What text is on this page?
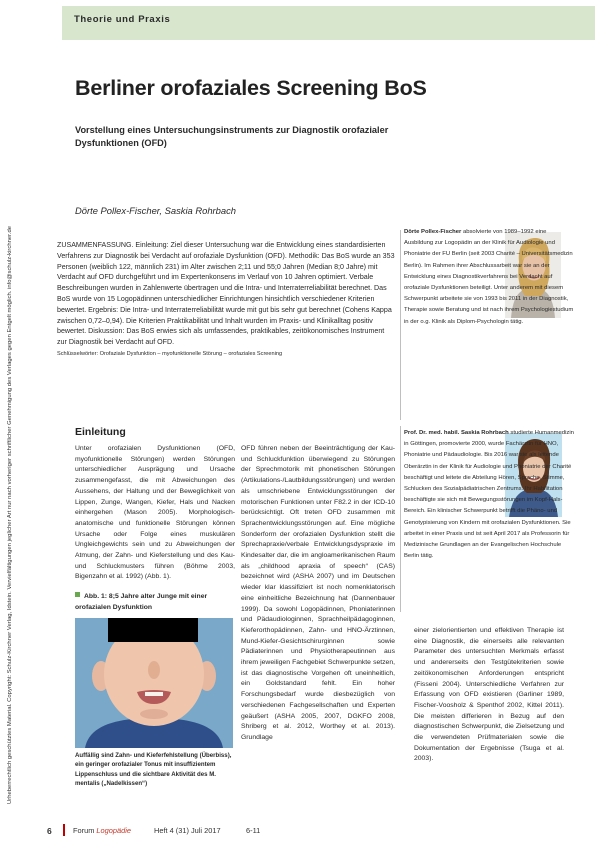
Theorie und Praxis
Urheberrechtlich geschütztes Material. Copyright: Schulz-Kirchner Verlag, Idstein. Vervielfältigungen jeglicher Art nur nach vorheriger schriftlicher Genehmigung des Verlages gegen Entgelt möglich. info@schulz-kirchner.de
Berliner orofaziales Screening BoS
Vorstellung eines Untersuchungsinstruments zur Diagnostik orofazialer Dysfunktionen (OFD)
Dörte Pollex-Fischer, Saskia Rohrbach
ZUSAMMENFASSUNG. Einleitung: Ziel dieser Untersuchung war die Entwicklung eines standardisierten Verfahrens zur Diagnostik bei Verdacht auf orofaziale Dysfunktion (OFD). Methodik: Das BoS wurde an 353 Personen (weiblich 122, männlich 231) im Alter zwischen 2;11 und 55;0 Jahren (Median 8;0 Jahre) mit Verdacht auf OFD durchgeführt und im Expertenkonsens im Verlauf von 10 Jahren optimiert. Verbale Beschreibungen wurden in Zahlenwerte übertragen und die Intra- und Interraterreliabilität berechnet. Das BoS wurde von 15 Logopädinnen unterschiedlicher Einrichtungen hinsichtlich verschiedener Kriterien bewertet. Ergebnis: Die Intra- und Interraterreliabilität wurde mit gut bis sehr gut berechnet (Cohens Kappa zwischen 0,72–0,94). Die Kriterien Praktikabilität und Inhalt wurden im Praxis- und Klinikalltag positiv bewertet. Diskussion: Das BoS erwies sich als umfassendes, praktikables, zeitökonomisches Instrument zur Diagnostik bei Verdacht auf OFD.
Schlüsselwörter: Orofaziale Dysfunktion – myofunktionelle Störung – orofaziales Screening
Dörte Pollex-Fischer absolvierte von 1989–1992 eine Ausbildung zur Logopädin an der Klinik für Audiologie und Phoniatrie der FU Berlin (seit 2003 Charité – Universitätsmedizin Berlin). Im Rahmen ihrer Abschlussarbeit war sie an der Entwicklung eines Diagnostikverfahrens bei Verdacht auf orofaziale Dysfunktionen beteiligt. Unter anderem mit diesem Schwerpunkt arbeitete sie von 1993 bis 2011 in der Diagnostik, Therapie sowie Beratung und ist nach ihrem Psychologiestudium in der o.g. Klinik als Diplom-Psychologin tätig.
Prof. Dr. med. habil. Saskia Rohrbach studierte Humanmedizin in Göttingen, promovierte 2000, wurde Fachärztin für HNO, Phoniatrie und Pädaudiologie. Bis 2016 war sie als leitende Oberärztin in der Klinik für Audiologie und Phoniatrie der Charité beschäftigt und leitete die Abteilung Hören, Sprache, Stimme, Schlucken des Sozialpädiatrischen Zentrums. Ihr Habilitation beschäftigte sie sich mit Bewegungsstörungen im Kopf-Hals-Bereich. Ein klinischer Schwerpunkt betrifft die Phäno- und Genotypisierung von Kindern mit orofazialen Dysfunktionen. Sie arbeitet in einer Praxis und ist seit April 2017 als Professorin für Medizinische Grundlagen an der Evangelischen Hochschule Berlin tätig.
Einleitung
Unter orofazialen Dysfunktionen (OFD, myofunktionelle Störungen) werden Störungen unterschiedlicher Ausprägung und Ursache zusammengefasst, die mit Abweichungen des Aussehens, der Haltung und der Beweglichkeit von Lippen, Zunge, Wangen, Kiefer, Hals und Nacken einhergehen (Mason 2005). Morphologisch-anatomische und funktionelle Störungen können Ursache oder Folge eines muskulären Ungleichgewichts sein und zu Abweichungen der Atmung, der Zahn- und Kieferstellung und des Kau- und Schluckmusters führen (Böhme 2003, Bigenzahn et al. 1992) (Abb. 1).
OFD führen neben der Beeinträchtigung der Kau- und Schluckfunktion überwiegend zu Störungen der Sprechmotorik mit phonetischen Störungen (Artikulations-/Lautbildungsstörungen) und werden als umschriebene Entwicklungsstörungen der motorischen Funktionen unter F82.2 in der ICD-10 berücksichtigt. Oft treten OFD zusammen mit Sprachentwicklungsstörungen auf. Eine mögliche Sonderform der orofazialen Dysfunktion stellt die Sprechapraxie/verbale Entwicklungsdyspraxie im Kindesalter dar, die im angloamerikanischen Raum als „childhood apraxia of speech“ (CAS) bezeichnet wird (ASHA 2007) und im Deutschen wieder klar klassifiziert ist noch nomenklatorisch eine einheitliche Bezeichnung hat (Dannenbauer 1999). Da sowohl Logopädinnen, Phoniaterinnen und Pädaudiologinnen, Sprachheilpädagoginnen, Kieferorthopädinnen, Zahn- und HNO-Ärztinnen, Mund-Kiefer-Gesichtschirurginnen sowie Pädiaterinnen und Physiotherapeutinnen aus ihrem jeweiligen Fachgebiet Schwerpunkte setzen, ist das diagnostische Vorgehen oft uneinheitlich, ein Goldstandard fehlt. Ein hoher Forschungsbedarf wurde diesbezüglich von verschiedenen Fachgesellschaften und Experten geäußert (ASHA 2005, 2007, DGKFO 2008, Shriberg et al. 2012, Worthey et al. 2013). Grundlage
einer zielorientierten und effektiven Therapie ist eine Diagnostik, die einerseits alle relevanten Parameter des untersuchten Merkmals erfasst und andererseits den Testgütekriterien sowie zeitökonomischen Anforderungen entspricht (Fisseni 2004). Unterschiedliche Verfahren zur Erfassung von OFD existieren (Garliner 1989, Fischer-Voosholz & Spenthof 2002, Kittel 2011). Die meisten differieren in Bezug auf den diagnostischen Schwerpunkt, die Zielsetzung und die verwendeten Prüfmaterialen sowie die Dokumentation der Ergebnisse (Tsuga et al. 2003).
Abb. 1: 8;5 Jahre alter Junge mit einer orofazialen Dysfunktion
Auffällig sind Zahn- und Kieferfehlstellung (Überbiss), ein geringer orofazialer Tonus mit insuffizientem Lippenschluss und die sichtbare Aktivität des M. mentalis („Nadelkissen“)
6	Forum Logopädie	Heft 4 (31) Juli 2017	6-11
